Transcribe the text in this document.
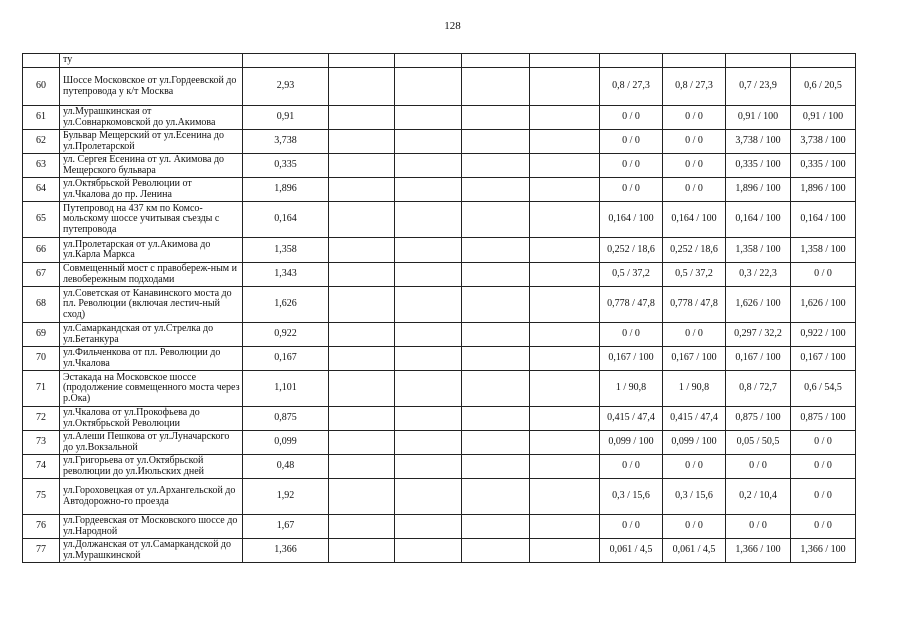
128
	ту									
60	Шоссе Московское от ул.Гордеевской до путепровода у к/т Москва	2,93					0,8 / 27,3	0,8 / 27,3	0,7 / 23,9	0,6 / 20,5
61	ул.Мурашкинская от ул.Совнаркомовской до ул.Акимова	0,91					0 / 0	0 / 0	0,91 / 100	0,91 / 100
62	Бульвар Мещерский от ул.Есенина до ул.Пролетарской	3,738					0 / 0	0 / 0	3,738 / 100	3,738 / 100
63	ул. Сергея Есенина от ул. Акимова до Мещерского бульвара	0,335					0 / 0	0 / 0	0,335 / 100	0,335 / 100
64	ул.Октябрьской Революции от ул.Чкалова до пр. Ленина	1,896					0 / 0	0 / 0	1,896 / 100	1,896 / 100
65	Путепровод на 437 км по Комсо-мольскому шоссе учитывая съезды с путепровода	0,164					0,164 / 100	0,164 / 100	0,164 / 100	0,164 / 100
66	ул.Пролетарская от ул.Акимова до ул.Карла Маркса	1,358					0,252 / 18,6	0,252 / 18,6	1,358 / 100	1,358 / 100
67	Совмещенный мост с правобереж-ным и левобережным подходами	1,343					0,5 / 37,2	0,5 / 37,2	0,3 / 22,3	0 / 0
68	ул.Советская от Канавинского моста до пл. Революции (включая лестич-ный сход)	1,626					0,778 / 47,8	0,778 / 47,8	1,626 / 100	1,626 / 100
69	ул.Самаркандская от ул.Стрелка до ул.Бетанкура	0,922					0 / 0	0 / 0	0,297 / 32,2	0,922 / 100
70	ул.Фильченкова от пл. Революции до ул.Чкалова	0,167					0,167 / 100	0,167 / 100	0,167 / 100	0,167 / 100
71	Эстакада на Московское шоссе (продолжение совмещенного моста через р.Ока)	1,101					1 / 90,8	1 / 90,8	0,8 / 72,7	0,6 / 54,5
72	ул.Чкалова от ул.Прокофьева до ул.Октябрьской Революции	0,875					0,415 / 47,4	0,415 / 47,4	0,875 / 100	0,875 / 100
73	ул.Алеши Пешкова от ул.Луначарского до ул.Вокзальной	0,099					0,099 / 100	0,099 / 100	0,05 / 50,5	0 / 0
74	ул.Григорьева от ул.Октябрьской революции до ул.Июльских дней	0,48					0 / 0	0 / 0	0 / 0	0 / 0
75	ул.Гороховецкая от ул.Архангельской до Автодорожно-го проезда	1,92					0,3 / 15,6	0,3 / 15,6	0,2 / 10,4	0 / 0
76	ул.Гордеевская от Московского шоссе до ул.Народной	1,67					0 / 0	0 / 0	0 / 0	0 / 0
77	ул.Должанская от ул.Самаркандской до ул.Мурашкинской	1,366					0,061 / 4,5	0,061 / 4,5	1,366 / 100	1,366 / 100
